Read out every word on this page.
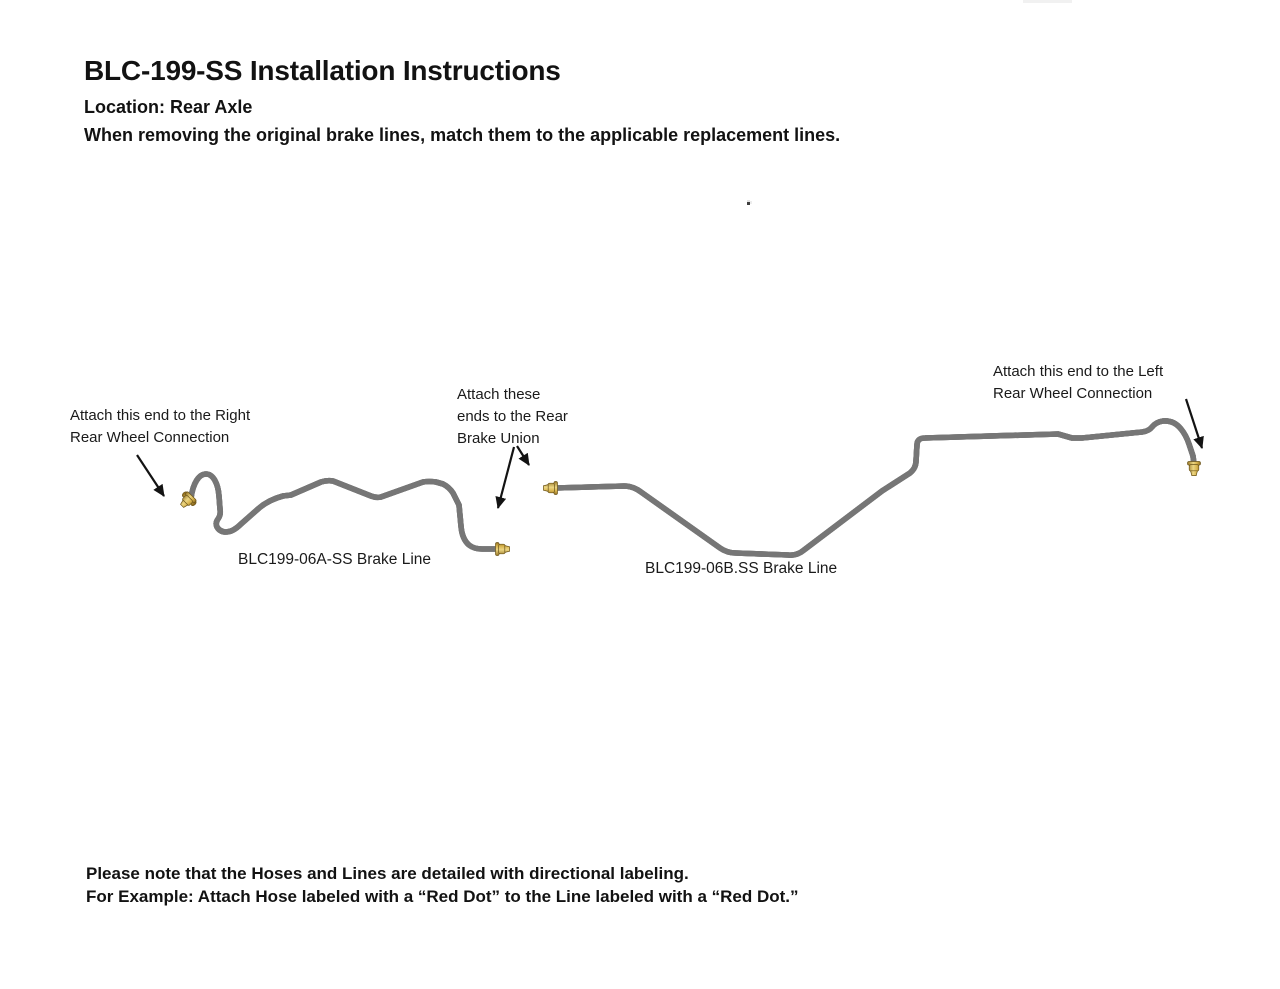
BLC-199-SS Installation Instructions
Location: Rear Axle
When removing the original brake lines, match them to the applicable replacement lines.
Attach this end to the Right
Rear Wheel Connection
Attach these
ends to the Rear
Brake Union
Attach this end to the Left
Rear Wheel Connection
BLC199-06A-SS Brake Line
BLC199-06B.SS Brake Line
Please note that the Hoses and Lines are detailed with directional labeling.
For Example: Attach Hose labeled with a “Red Dot” to the Line labeled with a “Red Dot.”
